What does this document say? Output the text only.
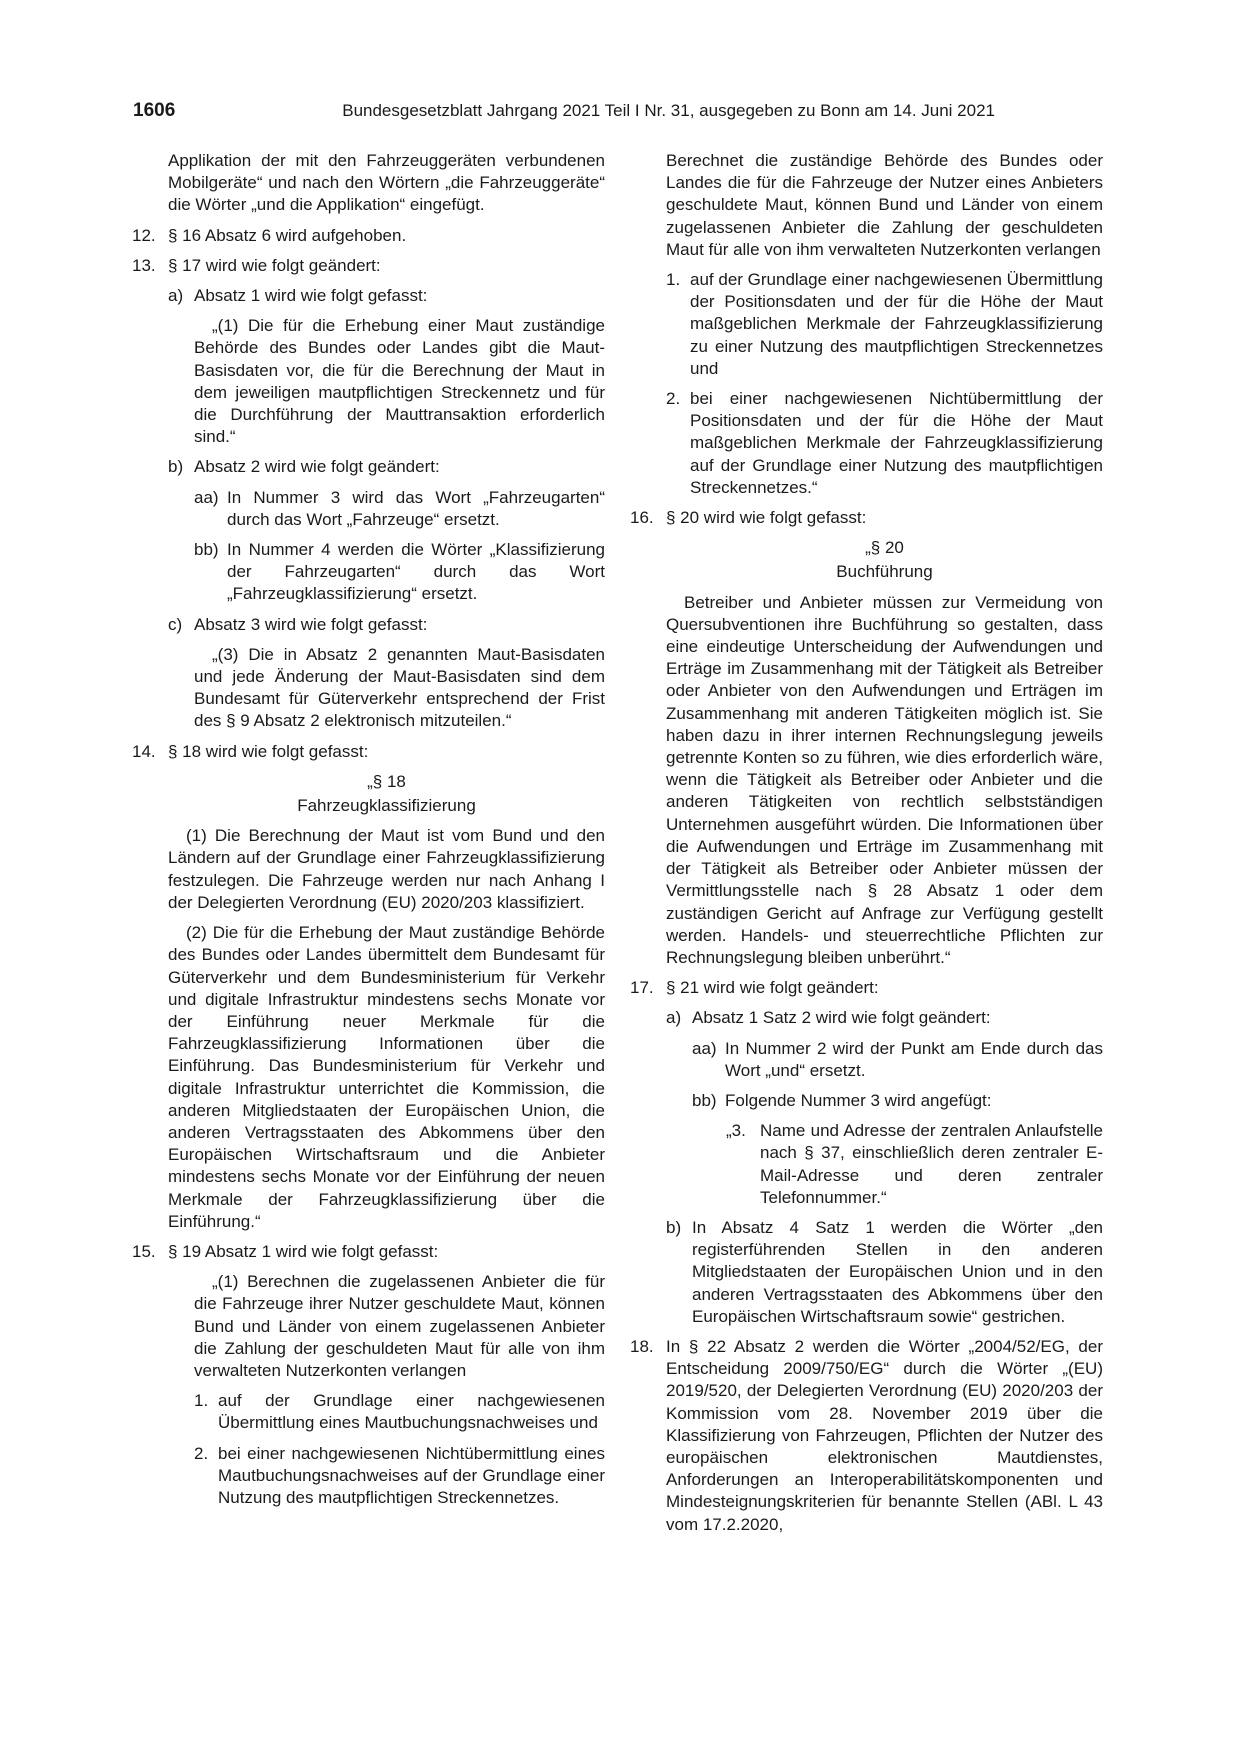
1606	Bundesgesetzblatt Jahrgang 2021 Teil I Nr. 31, ausgegeben zu Bonn am 14. Juni 2021

Applikation der mit den Fahrzeuggeräten verbundenen Mobilgeräte“ und nach den Wörtern „die Fahrzeuggeräte“ die Wörter „und die Applikation“ eingefügt.

12. § 16 Absatz 6 wird aufgehoben.
13. § 17 wird wie folgt geändert:
a) Absatz 1 wird wie folgt gefasst:

„(1) Die für die Erhebung einer Maut zuständige Behörde des Bundes oder Landes gibt die Maut-Basisdaten vor, die für die Berechnung der Maut in dem jeweiligen mautpflichtigen Streckennetz und für die Durchführung der Mauttransaktion erforderlich sind.“

b) Absatz 2 wird wie folgt geändert:
aa) In Nummer 3 wird das Wort „Fahrzeugarten“ durch das Wort „Fahrzeuge“ ersetzt.
bb) In Nummer 4 werden die Wörter „Klassifizierung der Fahrzeugarten“ durch das Wort „Fahrzeugklassifizierung“ ersetzt.
c) Absatz 3 wird wie folgt gefasst:

„(3) Die in Absatz 2 genannten Maut-Basisdaten und jede Änderung der Maut-Basisdaten sind dem Bundesamt für Güterverkehr entsprechend der Frist des § 9 Absatz 2 elektronisch mitzuteilen.“

14. § 18 wird wie folgt gefasst:

„§ 18

Fahrzeugklassifizierung

(1) Die Berechnung der Maut ist vom Bund und den Ländern auf der Grundlage einer Fahrzeugklassifizierung festzulegen. Die Fahrzeuge werden nur nach Anhang I der Delegierten Verordnung (EU) 2020/203 klassifiziert.

(2) Die für die Erhebung der Maut zuständige Behörde des Bundes oder Landes übermittelt dem Bundesamt für Güterverkehr und dem Bundesministerium für Verkehr und digitale Infrastruktur mindestens sechs Monate vor der Einführung neuer Merkmale für die Fahrzeugklassifizierung Informationen über die Einführung. Das Bundesministerium für Verkehr und digitale Infrastruktur unterrichtet die Kommission, die anderen Mitgliedstaaten der Europäischen Union, die anderen Vertragsstaaten des Abkommens über den Europäischen Wirtschaftsraum und die Anbieter mindestens sechs Monate vor der Einführung der neuen Merkmale der Fahrzeugklassifizierung über die Einführung.“

15. § 19 Absatz 1 wird wie folgt gefasst:

„(1) Berechnen die zugelassenen Anbieter die für die Fahrzeuge ihrer Nutzer geschuldete Maut, können Bund und Länder von einem zugelassenen Anbieter die Zahlung der geschuldeten Maut für alle von ihm verwalteten Nutzerkonten verlangen

1. auf der Grundlage einer nachgewiesenen Übermittlung eines Mautbuchungsnachweises und
2. bei einer nachgewiesenen Nichtübermittlung eines Mautbuchungsnachweises auf der Grundlage einer Nutzung des mautpflichtigen Streckennetzes.

Berechnet die zuständige Behörde des Bundes oder Landes die für die Fahrzeuge der Nutzer eines Anbieters geschuldete Maut, können Bund und Länder von einem zugelassenen Anbieter die Zahlung der geschuldeten Maut für alle von ihm verwalteten Nutzerkonten verlangen

1. auf der Grundlage einer nachgewiesenen Übermittlung der Positionsdaten und der für die Höhe der Maut maßgeblichen Merkmale der Fahrzeugklassifizierung zu einer Nutzung des mautpflichtigen Streckennetzes und
2. bei einer nachgewiesenen Nichtübermittlung der Positionsdaten und der für die Höhe der Maut maßgeblichen Merkmale der Fahrzeugklassifizierung auf der Grundlage einer Nutzung des mautpflichtigen Streckennetzes.“
16. § 20 wird wie folgt gefasst:

„§ 20

Buchführung

Betreiber und Anbieter müssen zur Vermeidung von Quersubventionen ihre Buchführung so gestalten, dass eine eindeutige Unterscheidung der Aufwendungen und Erträge im Zusammenhang mit der Tätigkeit als Betreiber oder Anbieter von den Aufwendungen und Erträgen im Zusammenhang mit anderen Tätigkeiten möglich ist. Sie haben dazu in ihrer internen Rechnungslegung jeweils getrennte Konten so zu führen, wie dies erforderlich wäre, wenn die Tätigkeit als Betreiber oder Anbieter und die anderen Tätigkeiten von rechtlich selbstständigen Unternehmen ausgeführt würden. Die Informationen über die Aufwendungen und Erträge im Zusammenhang mit der Tätigkeit als Betreiber oder Anbieter müssen der Vermittlungsstelle nach § 28 Absatz 1 oder dem zuständigen Gericht auf Anfrage zur Verfügung gestellt werden. Handels- und steuerrechtliche Pflichten zur Rechnungslegung bleiben unberührt.“

17. § 21 wird wie folgt geändert:
a) Absatz 1 Satz 2 wird wie folgt geändert:
aa) In Nummer 2 wird der Punkt am Ende durch das Wort „und“ ersetzt.
bb) Folgende Nummer 3 wird angefügt:
„3. Name und Adresse der zentralen Anlaufstelle nach § 37, einschließlich deren zentraler E-Mail-Adresse und deren zentraler Telefonnummer.“
b) In Absatz 4 Satz 1 werden die Wörter „den registerführenden Stellen in den anderen Mitgliedstaaten der Europäischen Union und in den anderen Vertragsstaaten des Abkommens über den Europäischen Wirtschaftsraum sowie“ gestrichen.
18. In § 22 Absatz 2 werden die Wörter „2004/52/EG, der Entscheidung 2009/750/EG“ durch die Wörter „(EU) 2019/520, der Delegierten Verordnung (EU) 2020/203 der Kommission vom 28. November 2019 über die Klassifizierung von Fahrzeugen, Pflichten der Nutzer des europäischen elektronischen Mautdienstes, Anforderungen an Interoperabilitätskomponenten und Mindesteignungskriterien für benannte Stellen (ABl. L 43 vom 17.2.2020,
